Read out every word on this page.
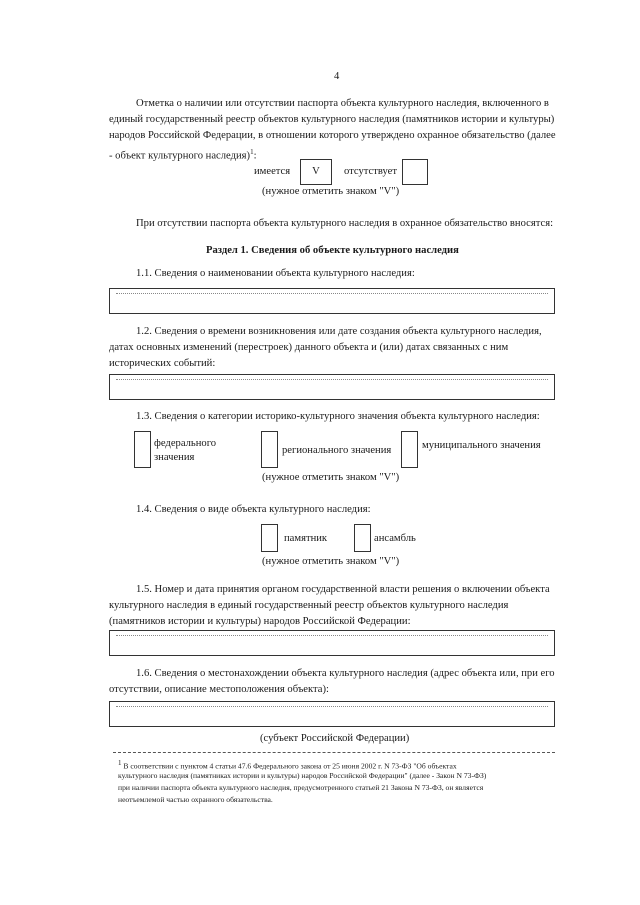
4
Отметка о наличии или отсутствии паспорта объекта культурного наследия, включенного в
единый государственный реестр объектов культурного наследия (памятников истории и культуры)
народов Российской Федерации, в отношении которого утверждено охранное обязательство (далее
- объект культурного наследия)$^1$:
имеется	V	отсутствует
(нужное отметить знаком "V")
При отсутствии паспорта объекта культурного наследия в охранное обязательство вносятся:
Раздел 1. Сведения об объекте культурного наследия
1.1. Сведения о наименовании объекта культурного наследия:
1.2. Сведения о времени возникновения или дате создания объекта культурного наследия,
датах основных изменений (перестроек) данного объекта и (или) датах связанных с ним
исторических событий:
1.3. Сведения о категории историко-культурного значения объекта культурного наследия:
федерального
значения
регионального значения	муниципального значения
(нужное отметить знаком "V")
1.4. Сведения о виде объекта культурного наследия:
памятник	ансамбль
(нужное отметить знаком "V")
1.5. Номер и дата принятия органом государственной власти решения о включении объекта
культурного наследия в единый государственный реестр объектов культурного наследия
(памятников истории и культуры) народов Российской Федерации:
1.6. Сведения о местонахождении объекта культурного наследия (адрес объекта или, при его
отсутствии, описание местоположения объекта):
(субъект Российской Федерации)
$^1$ В соответствии с пунктом 4 статьи 47.6 Федерального закона от 25 июня 2002 г. N 73-ФЗ "Об объектах
культурного наследия (памятниках истории и культуры) народов Российской Федерации" (далее - Закон N 73-ФЗ)
при наличии паспорта объекта культурного наследия, предусмотренного статьей 21 Закона N 73-ФЗ, он является
неотъемлемой частью охранного обязательства.
